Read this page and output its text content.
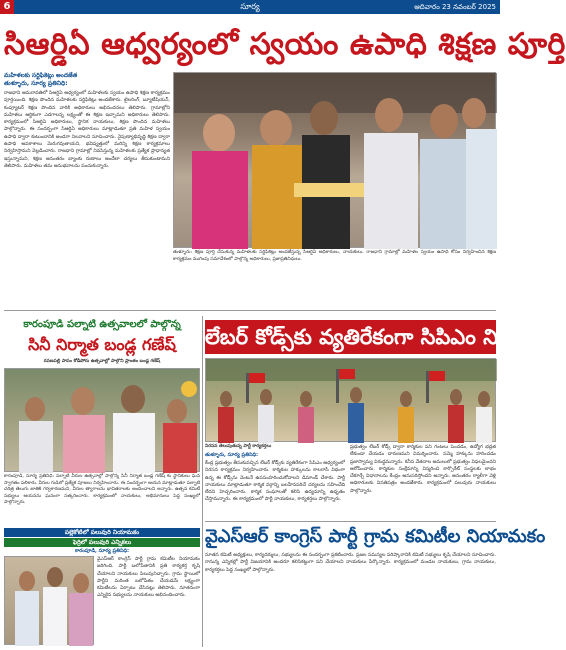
6	సూర్య	ఆదివారం 23 నవంబర్ 2025
సిఆర్డిఏ ఆధ్వర్యంలో స్వయం ఉపాధి శిక్షణ పూర్తి
మహిళలకు సర్టిఫికెట్లు అందజేత
తుళ్ళూరు, సూర్య ప్రతినిధి:
రాజధాని అమరావతిలో సిఆర్డిఏ ఆధ్వర్యంలో మహిళలకు స్వయం ఉపాధి శిక్షణ కార్యక్రమం పూర్తయింది. శిక్షణ పొందిన మహిళలకు సర్టిఫికెట్లు అందజేశారు. టైలరింగ్, బ్యూటీషియన్, కంప్యూటర్ శిక్షణ పొందిన వారికి అధికారులు అభినందనలు తెలిపారు. గ్రామాల్లోని మహిళలు ఆర్థికంగా ఎదగాలన్న లక్ష్యంతో ఈ శిక్షణ ఇచ్చామని అధికారులు తెలిపారు. కార్యక్రమంలో సిఆర్డిఏ అధికారులు, స్థానిక నాయకులు, శిక్షణ పొందిన మహిళలు పాల్గొన్నారు. ఈ సందర్భంగా సిఆర్డిఏ అధికారులు మాట్లాడుతూ ప్రతి మహిళ స్వయం ఉపాధి ద్వారా కుటుంబానికి అండగా నిలవాలని సూచించారు. నైపుణ్యాభివృద్ధి శిక్షణ ద్వారా ఉపాధి అవకాశాలు మెరుగవుతాయని, భవిష్యత్తులో మరిన్ని శిక్షణ కార్యక్రమాలు నిర్వహిస్తామని వెల్లడించారు. రాజధాని గ్రామాల్లో నివసిస్తున్న మహిళలకు ప్రత్యేక ప్రాధాన్యత ఇస్తున్నామని, శిక్షణ అనంతరం బ్యాంకు రుణాలు అందేలా చర్యలు తీసుకుంటామని తెలిపారు. మహిళలు తమ అనుభవాలను పంచుకున్నారు.
తుళ్ళూరు: శిక్షణ పూర్తి చేసుకున్న మహిళలకు సర్టిఫికెట్లు అందజేస్తున్న సిఆర్డిఏ అధికారులు, నాయకులు. రాజధాని గ్రామాల్లో మహిళల స్వయం ఉపాధి కోసం నిర్వహించిన శిక్షణ కార్యక్రమం ముగింపు సమావేశంలో పాల్గొన్న అధికారులు, ప్రజాప్రతినిధులు.
కారంపూడి పల్నాటి ఉత్సవాలలో పాల్గొన్న
సినీ నిర్మాత బండ్ల గణేష్
రవణపల్లి పాపం కోడిపోరు ఉత్సవాల్లో పాల్గొని ప్రాంతం బండ్ల గణేష్
కారంపూడి, సూర్య ప్రతినిధి: పల్నాటి వీరుల ఉత్సవాల్లో పాల్గొన్న సినీ నిర్మాత బండ్ల గణేష్ కు స్థానికులు ఘన స్వాగతం పలికారు. వీరుల గుడిలో ప్రత్యేక పూజలు నిర్వహించారు. ఈ సందర్భంగా ఆయన మాట్లాడుతూ పల్నాటి చరిత్ర తెలుగు జాతికి గర్వకారణమని, వీరుల త్యాగాలను భావితరాలకు అందించాలని అన్నారు. ఉత్సవ కమిటీ సభ్యులు ఆయనను ఘనంగా సత్కరించారు. కార్యక్రమంలో నాయకులు, అభిమానులు పెద్ద సంఖ్యలో పాల్గొన్నారు.
లేబర్ కోడ్స్‌కు వ్యతిరేకంగా సిపిఎం నిరసన
నిరసన తెలుపుతున్న పార్టీ కార్యకర్తలు
తుళ్ళూరు, సూర్య ప్రతినిధి:
కేంద్ర ప్రభుత్వం తీసుకువచ్చిన లేబర్ కోడ్స్‌కు వ్యతిరేకంగా సిపిఎం ఆధ్వర్యంలో నిరసన కార్యక్రమం నిర్వహించారు. కార్మికుల హక్కులను కాలరాసే విధంగా ఉన్న ఈ కోడ్స్‌ను వెంటనే ఉపసంహరించుకోవాలని డిమాండ్ చేశారు. పార్టీ నాయకులు మాట్లాడుతూ కార్మిక వర్గాన్ని బలహీనపరిచే చర్యలను సహించేది లేదని హెచ్చరించారు. కార్మిక సంఘాలతో కలిసి ఉద్యమాన్ని ఉధృతం చేస్తామన్నారు. ఈ కార్యక్రమంలో పార్టీ నాయకులు, కార్యకర్తలు పాల్గొన్నారు.
ప్రభుత్వం లేబర్ కోడ్స్ ద్వారా కార్మికుల పని గంటలు పెంచడం, ఉద్యోగ భద్రత లేకుండా చేయడం దారుణమని విమర్శించారు. సమ్మె హక్కును హరించడం ప్రజాస్వామ్య విరుద్ధమన్నారు. కనీస వేతనాల అమలులో ప్రభుత్వం విఫలమైందని ఆరోపించారు. కార్మికుల సంక్షేమాన్ని విస్మరించి కార్పొరేట్ సంస్థలకు లాభం చేకూర్చే విధానాలను కేంద్రం అనుసరిస్తోందని అన్నారు. అనంతరం ర్యాలీగా వెళ్లి అధికారులకు వినతిపత్రం అందజేశారు. కార్యక్రమంలో పలువురు నాయకులు పాల్గొన్నారు.
వైఎస్ఆర్ కాంగ్రెస్ పార్టీ గ్రామ కమిటీల నియామకం
పల్లెకోటిలో పలువురి నియామకం
ఫెర్రిలో పలువురి ఎన్నికలు
కారంపూడి, సూర్య ప్రతినిధి:
వైఎస్ఆర్ కాంగ్రెస్ పార్టీ గ్రామ కమిటీల నియామకం జరిగింది. పార్టీ బలోపేతానికి ప్రతి కార్యకర్త కృషి చేయాలని నాయకులు పిలుపునిచ్చారు. గ్రామ స్థాయిలో పార్టీని మరింత బలోపేతం చేయడమే లక్ష్యంగా కమిటీలను ఏర్పాటు చేసినట్లు తెలిపారు. నూతనంగా ఎన్నికైన సభ్యులను నాయకులు అభినందించారు.
నూతన కమిటీ అధ్యక్షులు, కార్యదర్శులు, సభ్యులను ఈ సందర్భంగా ప్రకటించారు. ప్రజల సమస్యల పరిష్కారానికి కమిటీ సభ్యులు కృషి చేయాలని సూచించారు. రానున్న ఎన్నికల్లో పార్టీ విజయానికి అందరూ కలిసికట్టుగా పని చేయాలని నాయకులు పేర్కొన్నారు. కార్యక్రమంలో మండల నాయకులు, గ్రామ నాయకులు, కార్యకర్తలు పెద్ద సంఖ్యలో పాల్గొన్నారు.
